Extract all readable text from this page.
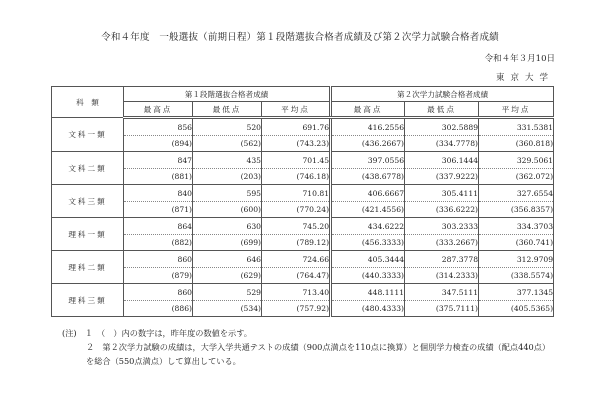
令和４年度　一般選抜（前期日程）第１段階選抜合格者成績及び第２次学力試験合格者成績
令和４年３月10日
東京大学
科　類	第１段階選抜合格者成績			第２次学力試験合格者成績		
	最高点	最低点	平均点	最高点	最低点	平均点
文科一類	856	520	691.76	416.2556	302.5889	331.5381
	(894)	(562)	(743.23)	(436.2667)	(334.7778)	(360.818)
文科二類	847	435	701.45	397.0556	306.1444	329.5061
	(881)	(203)	(746.18)	(438.6778)	(337.9222)	(362.072)
文科三類	840	595	710.81	406.6667	305.4111	327.6554
	(871)	(600)	(770.24)	(421.4556)	(336.6222)	(356.8357)
理科一類	864	630	745.20	434.6222	303.2333	334.3703
	(882)	(699)	(789.12)	(456.3333)	(333.2667)	(360.741)
理科二類	860	646	724.66	405.3444	287.3778	312.9709
	(879)	(629)	(764.47)	(440.3333)	(314.2333)	(338.5574)
理科三類	860	529	713.40	448.1111	347.5111	377.1345
	(886)	(534)	(757.92)	(480.4333)	(375.7111)	(405.5365)
(注)　１　（　）内の数字は，昨年度の数値を示す。
２　第２次学力試験の成績は，大学入学共通テストの成績（900点満点を110点に換算）と個別学力検査の成績（配点440点）を総合（550点満点）して算出している。
